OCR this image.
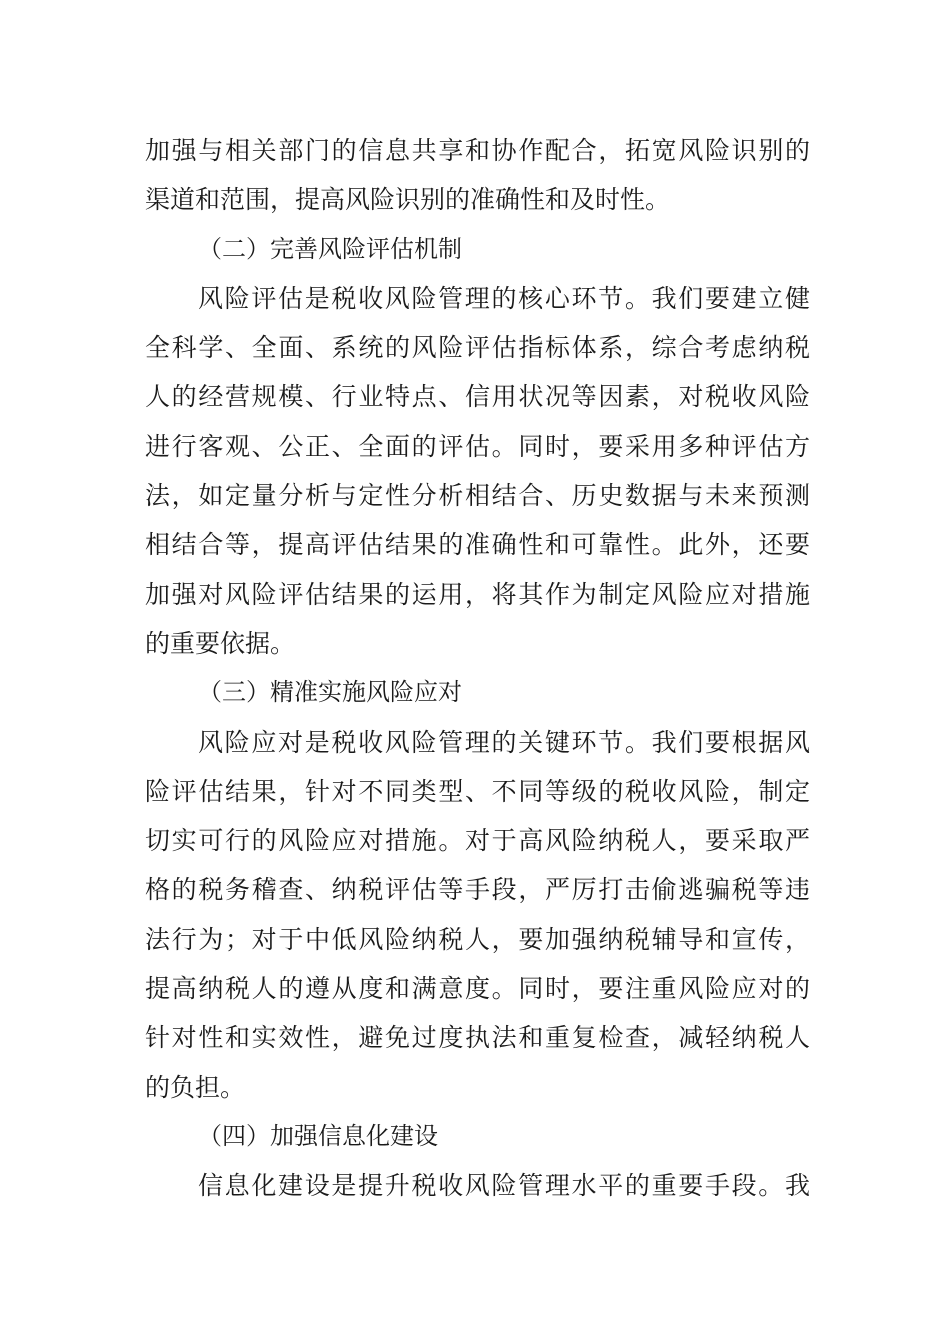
加强与相关部门的信息共享和协作配合，拓宽风险识别的
渠道和范围，提高风险识别的准确性和及时性。
（二）完善风险评估机制
风险评估是税收风险管理的核心环节。我们要建立健
全科学、全面、系统的风险评估指标体系，综合考虑纳税
人的经营规模、行业特点、信用状况等因素，对税收风险
进行客观、公正、全面的评估。同时，要采用多种评估方
法，如定量分析与定性分析相结合、历史数据与未来预测
相结合等，提高评估结果的准确性和可靠性。此外，还要
加强对风险评估结果的运用，将其作为制定风险应对措施
的重要依据。
（三）精准实施风险应对
风险应对是税收风险管理的关键环节。我们要根据风
险评估结果，针对不同类型、不同等级的税收风险，制定
切实可行的风险应对措施。对于高风险纳税人，要采取严
格的税务稽查、纳税评估等手段，严厉打击偷逃骗税等违
法行为；对于中低风险纳税人，要加强纳税辅导和宣传，
提高纳税人的遵从度和满意度。同时，要注重风险应对的
针对性和实效性，避免过度执法和重复检查，减轻纳税人
的负担。
（四）加强信息化建设
信息化建设是提升税收风险管理水平的重要手段。我
